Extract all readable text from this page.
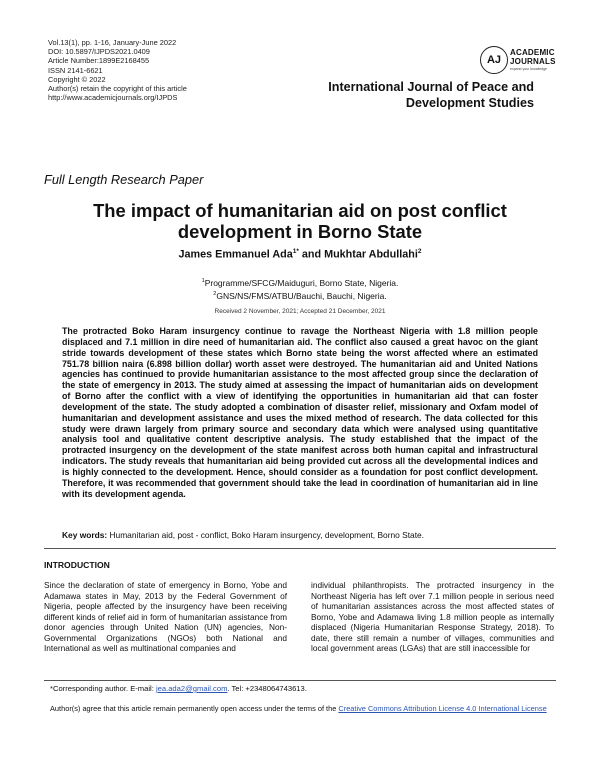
Vol.13(1), pp. 1-16, January-June 2022
DOI: 10.5897/IJPDS2021.0409
Article Number:1899E2168455
ISSN 2141-6621
Copyright © 2022
Author(s) retain the copyright of this article
http://www.academicjournals.org/IJPDS
AJ
ACADEMIC
JOURNALS
expand your knowledge
International Journal of Peace and Development Studies
Full Length Research Paper
The impact of humanitarian aid on post conflict development in Borno State
James Emmanuel Ada$^{1*}$ and Mukhtar Abdullahi$^2$
$^1$Programme/SFCG/Maiduguri, Borno State, Nigeria.
$^2$GNS/NS/FMS/ATBU/Bauchi, Bauchi, Nigeria.
Received 2 November, 2021; Accepted 21 December, 2021
The protracted Boko Haram insurgency continue to ravage the Northeast Nigeria with 1.8 million people displaced and 7.1 million in dire need of humanitarian aid. The conflict also caused a great havoc on the giant stride towards development of these states which Borno state being the worst affected where an estimated 751.78 billion naira (6.898 billion dollar) worth asset were destroyed. The humanitarian aid and United Nations agencies has continued to provide humanitarian assistance to the most affected group since the declaration of the state of emergency in 2013. The study aimed at assessing the impact of humanitarian aids on development of Borno after the conflict with a view of identifying the opportunities in humanitarian aid that can foster development of the state. The study adopted a combination of disaster relief, missionary and Oxfam model of humanitarian and development assistance and uses the mixed method of research. The data collected for this study were drawn largely from primary source and secondary data which were analysed using quantitative analysis tool and qualitative content descriptive analysis. The study established that the impact of the protracted insurgency on the development of the state manifest across both human capital and infrastructural indicators. The study reveals that humanitarian aid being provided cut across all the developmental indices and is highly connected to the development. Hence, should consider as a foundation for post conflict development. Therefore, it was recommended that government should take the lead in coordination of humanitarian aid in line with its development agenda.
Key words: Humanitarian aid, post - conflict, Boko Haram insurgency, development, Borno State.
INTRODUCTION
Since the declaration of state of emergency in Borno, Yobe and Adamawa states in May, 2013 by the Federal Government of Nigeria, people affected by the insurgency have been receiving different kinds of relief aid in form of humanitarian assistance from donor agencies through United Nation (UN) agencies, Non-Governmental Organizations (NGOs) both National and International as well as multinational companies and
individual philanthropists. The protracted insurgency in the Northeast Nigeria has left over 7.1 million people in serious need of humanitarian assistances across the most affected states of Borno, Yobe and Adamawa living 1.8 million people as internally displaced (Nigeria Humanitarian Response Strategy, 2018). To date, there still remain a number of villages, communities and local government areas (LGAs) that are still inaccessible for
*Corresponding author. E-mail: jea.ada2@gmail.com. Tel: +2348064743613.
Author(s) agree that this article remain permanently open access under the terms of the Creative Commons Attribution License 4.0 International License
